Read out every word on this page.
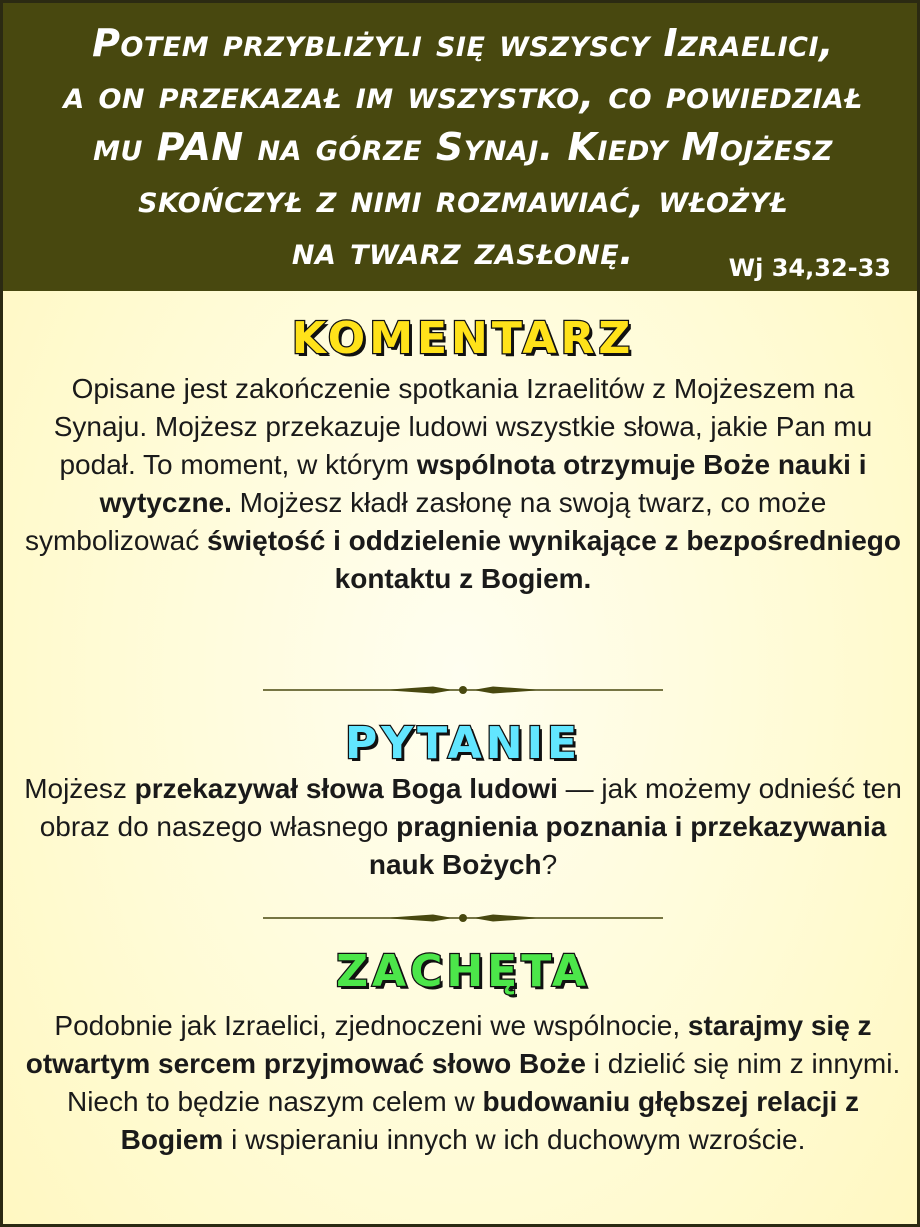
Potem przybliżyli się wszyscy Izraelici,
a on przekazał im wszystko, co powiedział
mu PAN na górze Synaj. Kiedy Mojżesz
skończył z nimi rozmawiać, włożył
na twarz zasłonę.	Wj 34,32-33
KOMENTARZ

Opisane jest zakończenie spotkania Izraelitów z Mojżeszem na Synaju. Mojżesz przekazuje ludowi wszystkie słowa, jakie Pan mu podał. To moment, w którym wspólnota otrzymuje Boże nauki i wytyczne. Mojżesz kładł zasłonę na swoją twarz, co może symbolizować świętość i oddzielenie wynikające z bezpośredniego kontaktu z Bogiem.

PYTANIE

Mojżesz przekazywał słowa Boga ludowi — jak możemy odnieść ten obraz do naszego własnego pragnienia poznania i przekazywania nauk Bożych?

ZACHĘTA

Podobnie jak Izraelici, zjednoczeni we wspólnocie, starajmy się z otwartym sercem przyjmować słowo Boże i dzielić się nim z innymi. Niech to będzie naszym celem w budowaniu głębszej relacji z Bogiem i wspieraniu innych w ich duchowym wzroście.
